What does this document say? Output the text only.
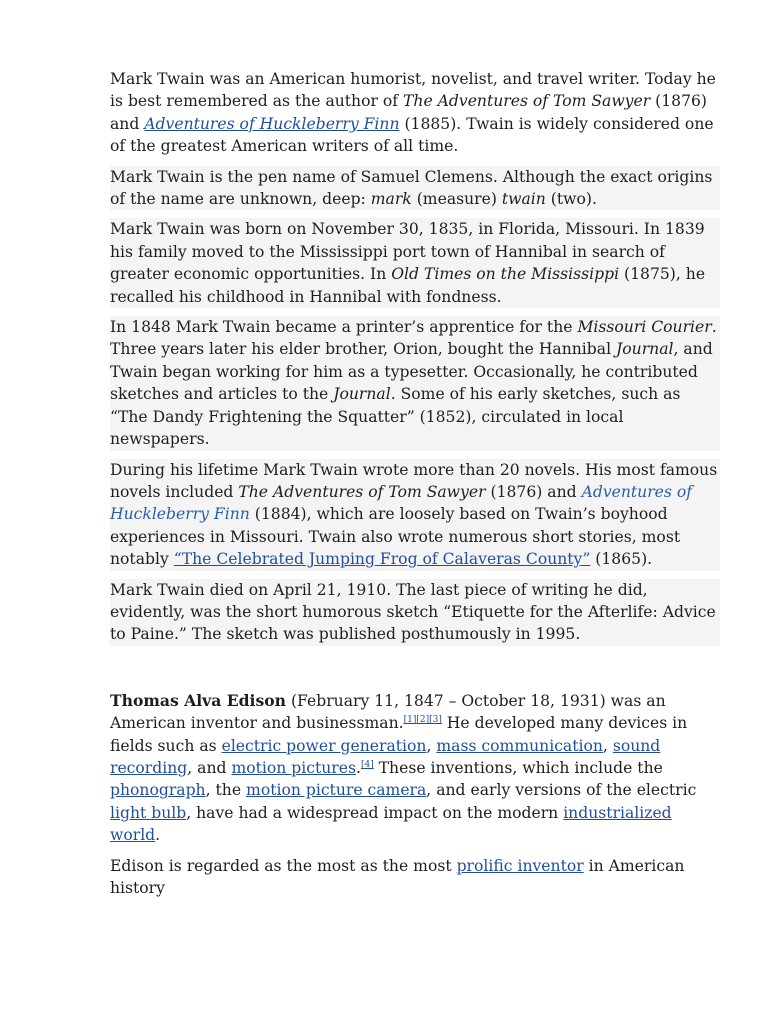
Mark Twain was an American humorist, novelist, and travel writer. Today he is best remembered as the author of The Adventures of Tom Sawyer (1876) and Adventures of Huckleberry Finn (1885). Twain is widely considered one of the greatest American writers of all time.

Mark Twain is the pen name of Samuel Clemens. Although the exact origins of the name are unknown, deep: mark (measure) twain (two).

Mark Twain was born on November 30, 1835, in Florida, Missouri. In 1839 his family moved to the Mississippi port town of Hannibal in search of greater economic opportunities. In Old Times on the Mississippi (1875), he recalled his childhood in Hannibal with fondness.

In 1848 Mark Twain became a printer’s apprentice for the Missouri Courier. Three years later his elder brother, Orion, bought the Hannibal Journal, and Twain began working for him as a typesetter. Occasionally, he contributed sketches and articles to the Journal. Some of his early sketches, such as “The Dandy Frightening the Squatter” (1852), circulated in local newspapers.

During his lifetime Mark Twain wrote more than 20 novels. His most famous novels included The Adventures of Tom Sawyer (1876) and Adventures of Huckleberry Finn (1884), which are loosely based on Twain’s boyhood experiences in Missouri. Twain also wrote numerous short stories, most notably “The Celebrated Jumping Frog of Calaveras County” (1865).

Mark Twain died on April 21, 1910. The last piece of writing he did, evidently, was the short humorous sketch “Etiquette for the Afterlife: Advice to Paine.” The sketch was published posthumously in 1995.

Thomas Alva Edison (February 11, 1847 – October 18, 1931) was an American inventor and businessman.[1][2][3] He developed many devices in fields such as electric power generation, mass communication, sound recording, and motion pictures.[4] These inventions, which include the phonograph, the motion picture camera, and early versions of the electric light bulb, have had a widespread impact on the modern industrialized world.

Edison is regarded as the most as the most prolific inventor in American history
